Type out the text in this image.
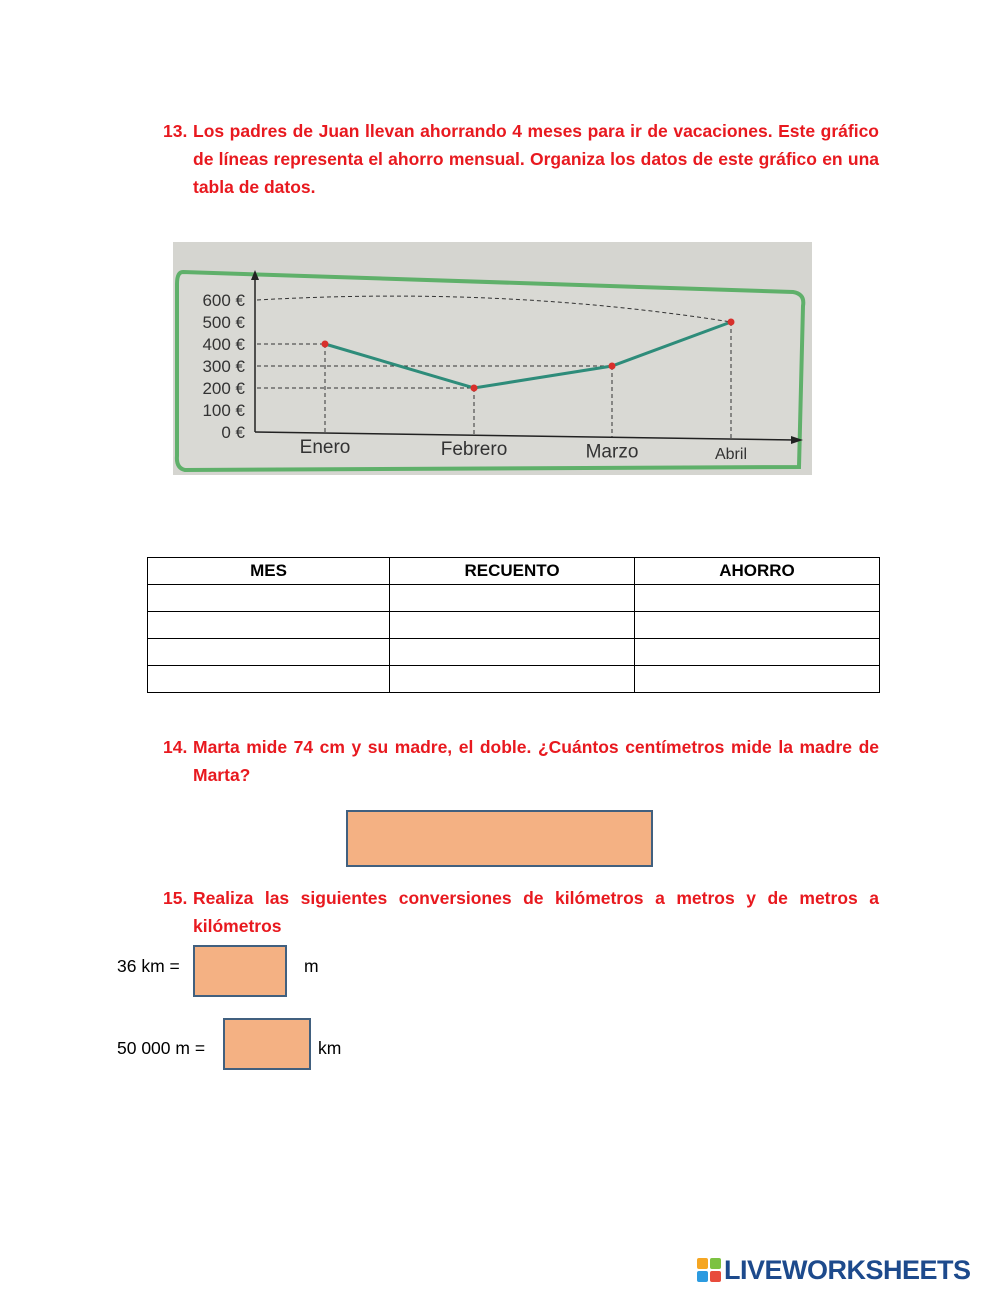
13. Los padres de Juan llevan ahorrando 4 meses para ir de vacaciones. Este gráfico de líneas representa el ahorro mensual. Organiza los datos de este gráfico en una tabla de datos.
0 €
100 €
200 €
300 €
400 €
500 €
600 €
Enero	Febrero	Marzo	Abril
MES	RECUENTO	AHORRO

14. Marta mide 74 cm y su madre, el doble. ¿Cuántos centímetros mide la madre de Marta?
15. Realiza las siguientes conversiones de kilómetros a metros y de metros a kilómetros
36 km =	m
50 000 m =	km
LIVEWORKSHEETS
